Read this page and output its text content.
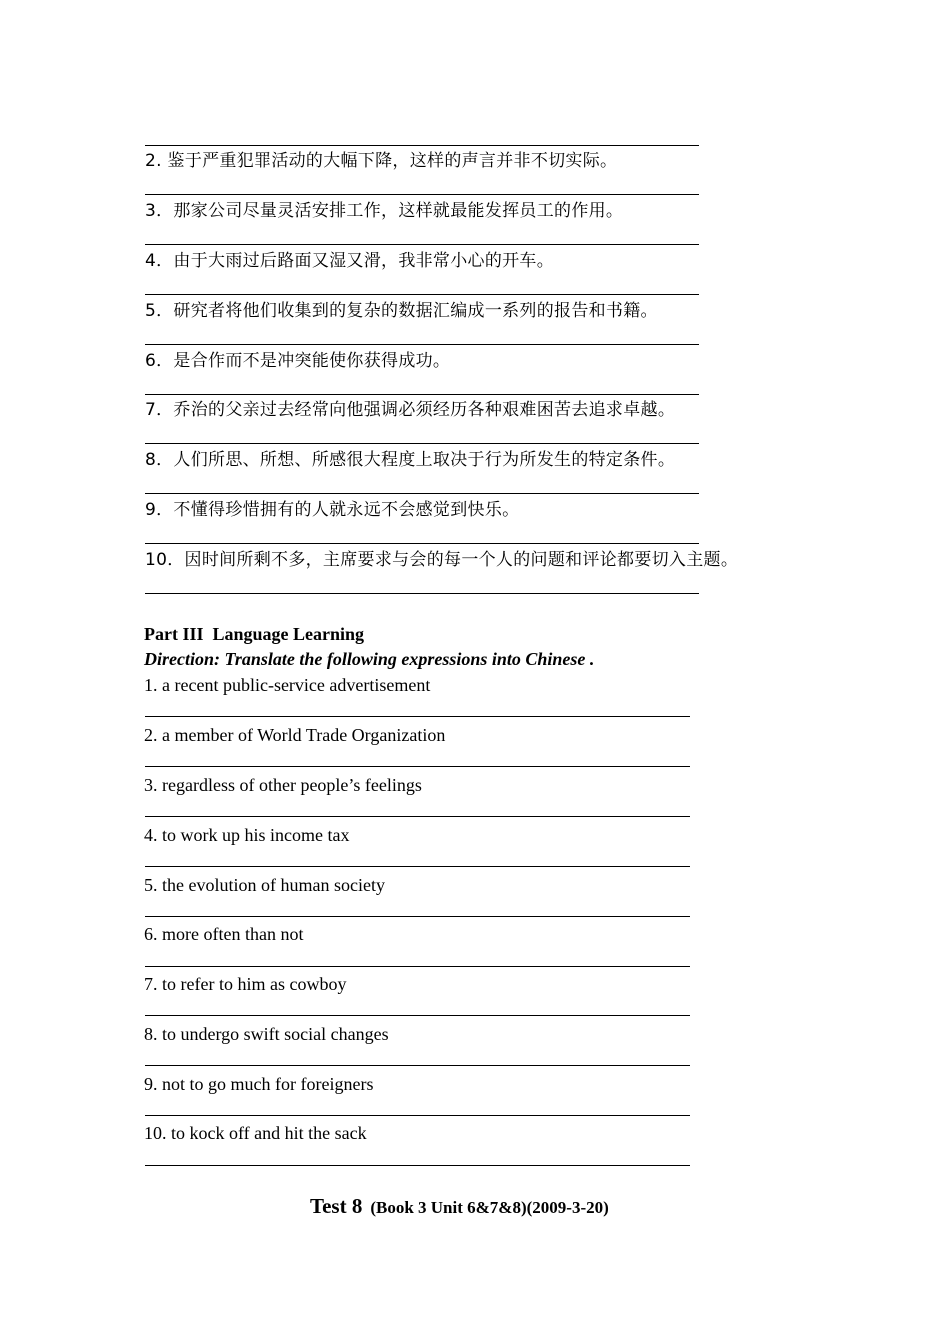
2. 鉴于严重犯罪活动的大幅下降，这样的声言并非不切实际。
3．那家公司尽量灵活安排工作，这样就最能发挥员工的作用。
4．由于大雨过后路面又湿又滑，我非常小心的开车。
5．研究者将他们收集到的复杂的数据汇编成一系列的报告和书籍。
6．是合作而不是冲突能使你获得成功。
7．乔治的父亲过去经常向他强调必须经历各种艰难困苦去追求卓越。
8．人们所思、所想、所感很大程度上取决于行为所发生的特定条件。
9．不懂得珍惜拥有的人就永远不会感觉到快乐。
10．因时间所剩不多，主席要求与会的每一个人的问题和评论都要切入主题。
Part III  Language Learning
Direction: Translate the following expressions into Chinese .
1. a recent public-service advertisement
2. a member of World Trade Organization
3. regardless of other people’s feelings
4. to work up his income tax
5. the evolution of human society
6. more often than not
7. to refer to him as cowboy
8. to undergo swift social changes
9. not to go much for foreigners
10. to kock off and hit the sack
Test 8 (Book 3 Unit 6&7&8)(2009-3-20)
